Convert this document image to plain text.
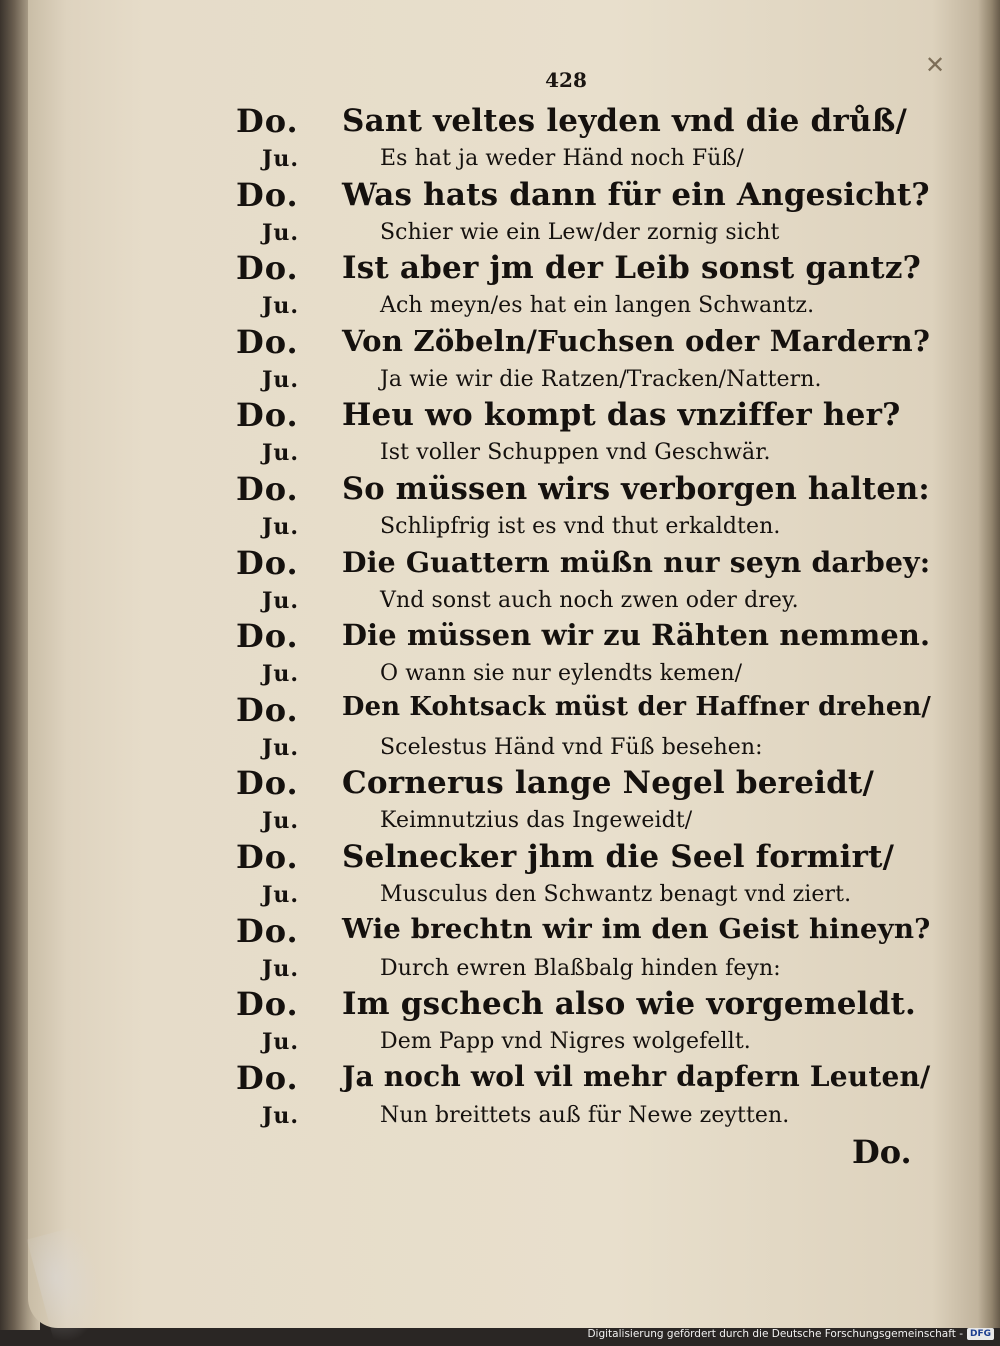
✕
428
Do. Sant veltes leyden vnd die drůß/
Ju.	Es hat ja weder Händ noch Füß/
Do. Was hats dann für ein Angesicht?
Ju.	Schier wie ein Lew/der zornig sicht
Do. Ist aber jm der Leib sonst gantz?
Ju.	Ach meyn/es hat ein langen Schwantz.
Do. Von Zöbeln/Fuchsen oder Mardern?
Ju.	Ja wie wir die Ratzen/Tracken/Nattern.
Do. Heu wo kompt das vnziffer her?
Ju.	Ist voller Schuppen vnd Geschwär.
Do. So müssen wirs verborgen halten:
Ju.	Schlipfrig ist es vnd thut erkaldten.
Do. Die Guattern müßn nur seyn darbey:
Ju.	Vnd sonst auch noch zwen oder drey.
Do. Die müssen wir zu Rähten nemmen.
Ju.	O wann sie nur eylendts kemen/
Do. Den Kohtsack müst der Haffner drehen/
Ju.	Scelestus Händ vnd Füß besehen:
Do. Cornerus lange Negel bereidt/
Ju.	Keimnutzius das Ingeweidt/
Do. Selnecker jhm die Seel formirt/
Ju.	Musculus den Schwantz benagt vnd ziert.
Do. Wie brechtn wir im den Geist hineyn?
Ju.	Durch ewren Blaßbalg hinden feyn:
Do. Im gschech also wie vorgemeldt.
Ju.	Dem Papp vnd Nigres wolgefellt.
Do. Ja noch wol vil mehr dapfern Leuten/
Ju.	Nun breittets auß für Newe zeytten.
Do.
Digitalisierung gefördert durch die Deutsche Forschungsgemeinschaft - DFG
